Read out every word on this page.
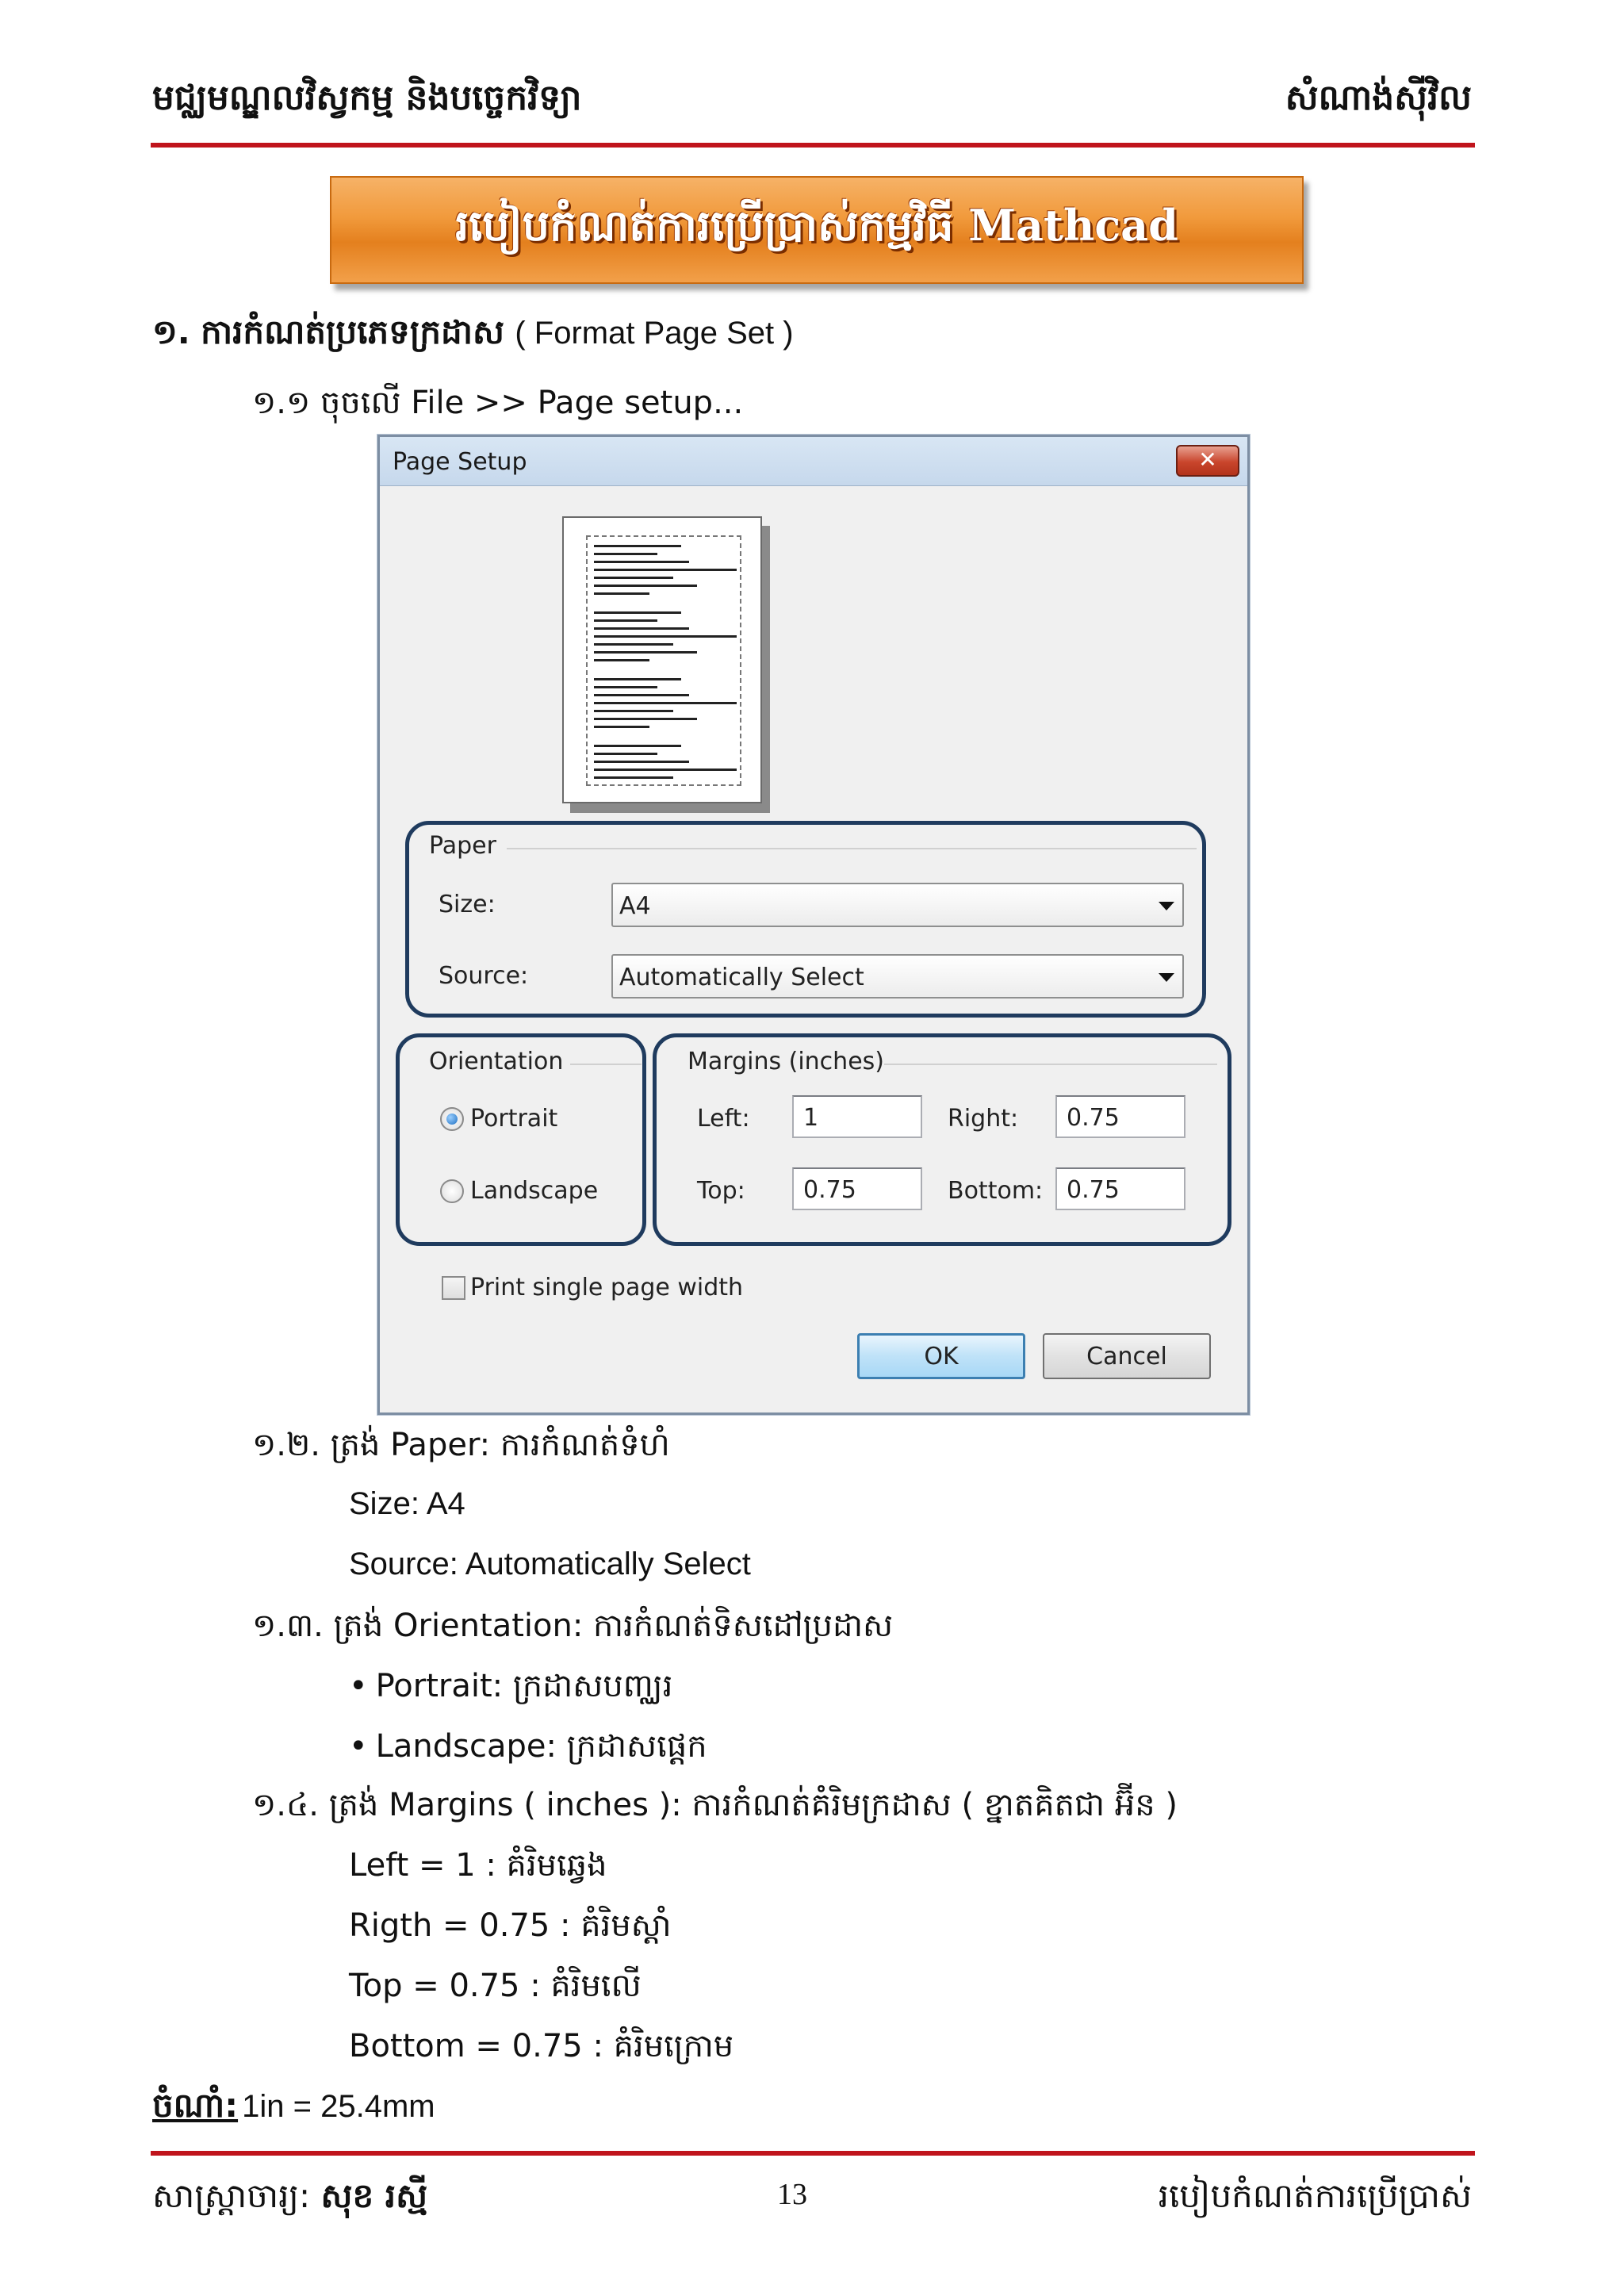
មជ្ឈមណ្ឌលវិស្វកម្ម និងបច្ចេកវិទ្យា	សំណាង់ស៊ីវិល
របៀបកំណត់ការប្រើប្រាស់កម្មវិធី Mathcad
១. ការកំណត់ប្រភេទក្រដាស ( Format Page Set )
១.១ ចុចលើ File >> Page setup...
Page Setup	✕
Paper
Size:	A4
Source:	Automatically Select
Orientation
Portrait
Landscape
Margins (inches)
Left: 1	Right: 0.75
Top: 0.75	Bottom: 0.75
Print single page width
OK	Cancel
១.២. ត្រង់ Paper: ការកំណត់ទំហំ
Size: A4
Source: Automatically Select
១.៣. ត្រង់ Orientation: ការកំណត់ទិសដៅប្រដាស
• Portrait: ក្រដាសបញ្ឈរ
• Landscape: ក្រដាសផ្តេក
១.៤. ត្រង់ Margins ( inches ): ការកំណត់គំរិមក្រដាស ( ខ្នាតគិតជា អ៊ីន )
Left = 1 : គំរិមឆ្វេង
Rigth = 0.75 : គំរិមស្តាំ
Top = 0.75 : គំរិមលើ
Bottom = 0.75 : គំរិមក្រោម
ចំណាំ: 1in = 25.4mm
សាស្ត្រាចារ្យ: សុខ រស្មី	13	របៀបកំណត់ការប្រើប្រាស់
